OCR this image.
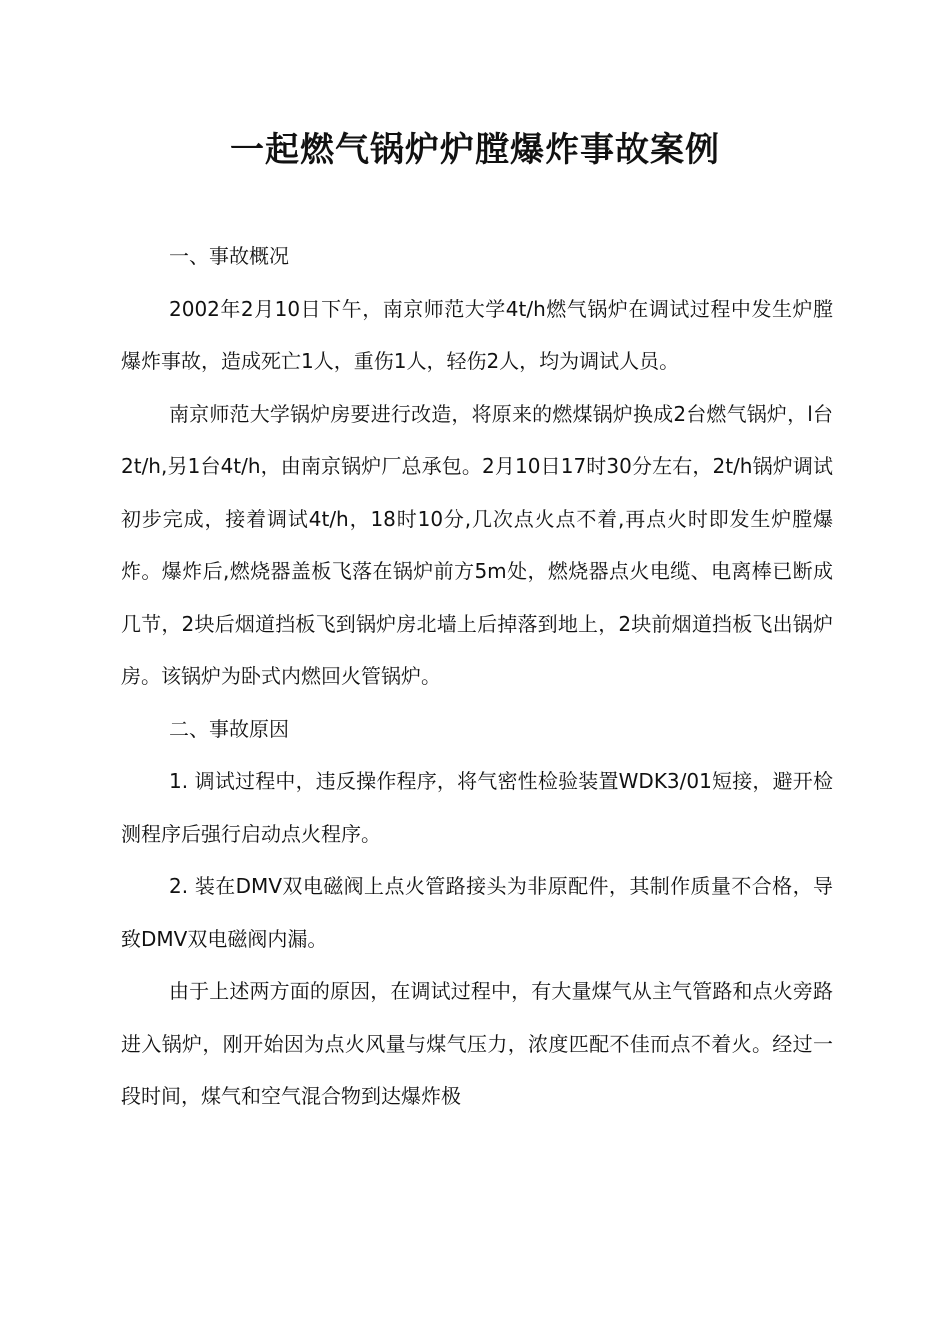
一起燃气锅炉炉膛爆炸事故案例

一、事故概况

2002年2月10日下午，南京师范大学4t/h燃气锅炉在调试过程中发生炉膛爆炸事故，造成死亡1人，重伤1人，轻伤2人，均为调试人员。

南京师范大学锅炉房要进行改造，将原来的燃煤锅炉换成2台燃气锅炉，l台2t/h,另1台4t/h，由南京锅炉厂总承包。2月10日17时30分左右，2t/h锅炉调试初步完成，接着调试4t/h，18时10分,几次点火点不着,再点火时即发生炉膛爆炸。爆炸后,燃烧器盖板飞落在锅炉前方5m处，燃烧器点火电缆、电离棒已断成几节，2块后烟道挡板飞到锅炉房北墙上后掉落到地上，2块前烟道挡板飞出锅炉房。该锅炉为卧式内燃回火管锅炉。

二、事故原因

1. 调试过程中，违反操作程序，将气密性检验装置WDK3/01短接，避开检测程序后强行启动点火程序。

2. 装在DMV双电磁阀上点火管路接头为非原配件，其制作质量不合格，导致DMV双电磁阀内漏。

由于上述两方面的原因，在调试过程中，有大量煤气从主气管路和点火旁路进入锅炉，刚开始因为点火风量与煤气压力，浓度匹配不佳而点不着火。经过一段时间，煤气和空气混合物到达爆炸极
